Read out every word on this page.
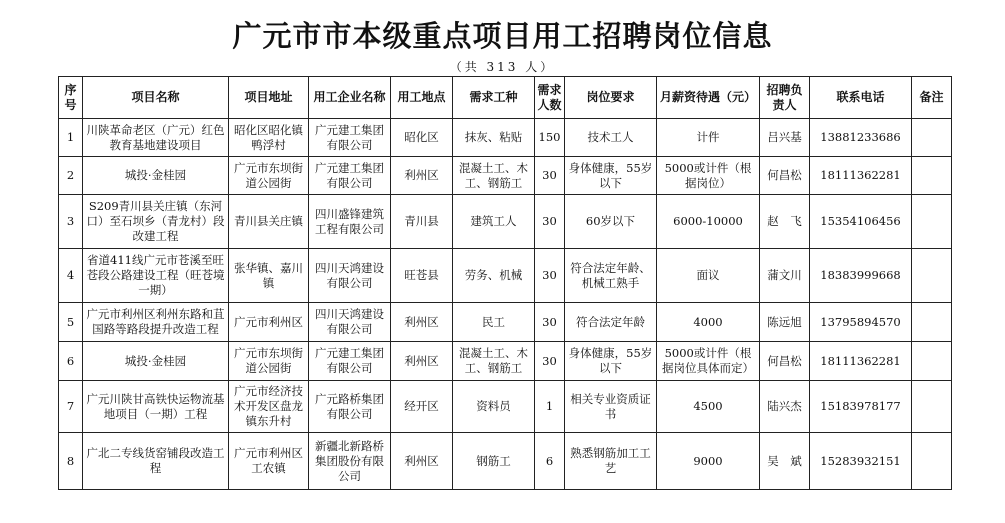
广元市市本级重点项目用工招聘岗位信息
（共 313 人）
序号	项目名称	项目地址	用工企业名称	用工地点	需求工种	需求人数	岗位要求	月薪资待遇（元）	招聘负责人	联系电话	备注
1	川陕革命老区（广元）红色教育基地建设项目	昭化区昭化镇鸭浮村	广元建工集团有限公司	昭化区	抹灰、粘贴	150	技术工人	计件	吕兴基	13881233686	
2	城投·金桂园	广元市东坝街道公园街	广元建工集团有限公司	利州区	混凝土工、木工、钢筋工	30	身体健康，55岁以下	5000或计件（根据岗位）	何昌松	18111362281	
3	S209青川县关庄镇（东河口）至石坝乡（青龙村）段改建工程	青川县关庄镇	四川盛锋建筑工程有限公司	青川县	建筑工人	30	60岁以下	6000-10000	赵　飞	15354106456	
4	省道411线广元市苍溪至旺苍段公路建设工程（旺苍境一期）	张华镇、嘉川镇	四川天鸿建设有限公司	旺苍县	劳务、机械	30	符合法定年龄、机械工熟手	面议	蒲文川	18383999668	
5	广元市利州区利州东路和苴国路等路段提升改造工程	广元市利州区	四川天鸿建设有限公司	利州区	民工	30	符合法定年龄	4000	陈远旭	13795894570	
6	城投·金桂园	广元市东坝街道公园街	广元建工集团有限公司	利州区	混凝土工、木工、钢筋工	30	身体健康，55岁以下	5000或计件（根据岗位具体而定）	何昌松	18111362281	
7	广元川陕甘高铁快运物流基地项目（一期）工程	广元市经济技术开发区盘龙镇东升村	广元路桥集团有限公司	经开区	资料员	1	相关专业资质证书	4500	陆兴杰	15183978177	
8	广北二专线货窑铺段改造工程	广元市利州区工农镇	新疆北新路桥集团股份有限公司	利州区	钢筋工	6	熟悉钢筋加工工艺	9000	吴　斌	15283932151	
